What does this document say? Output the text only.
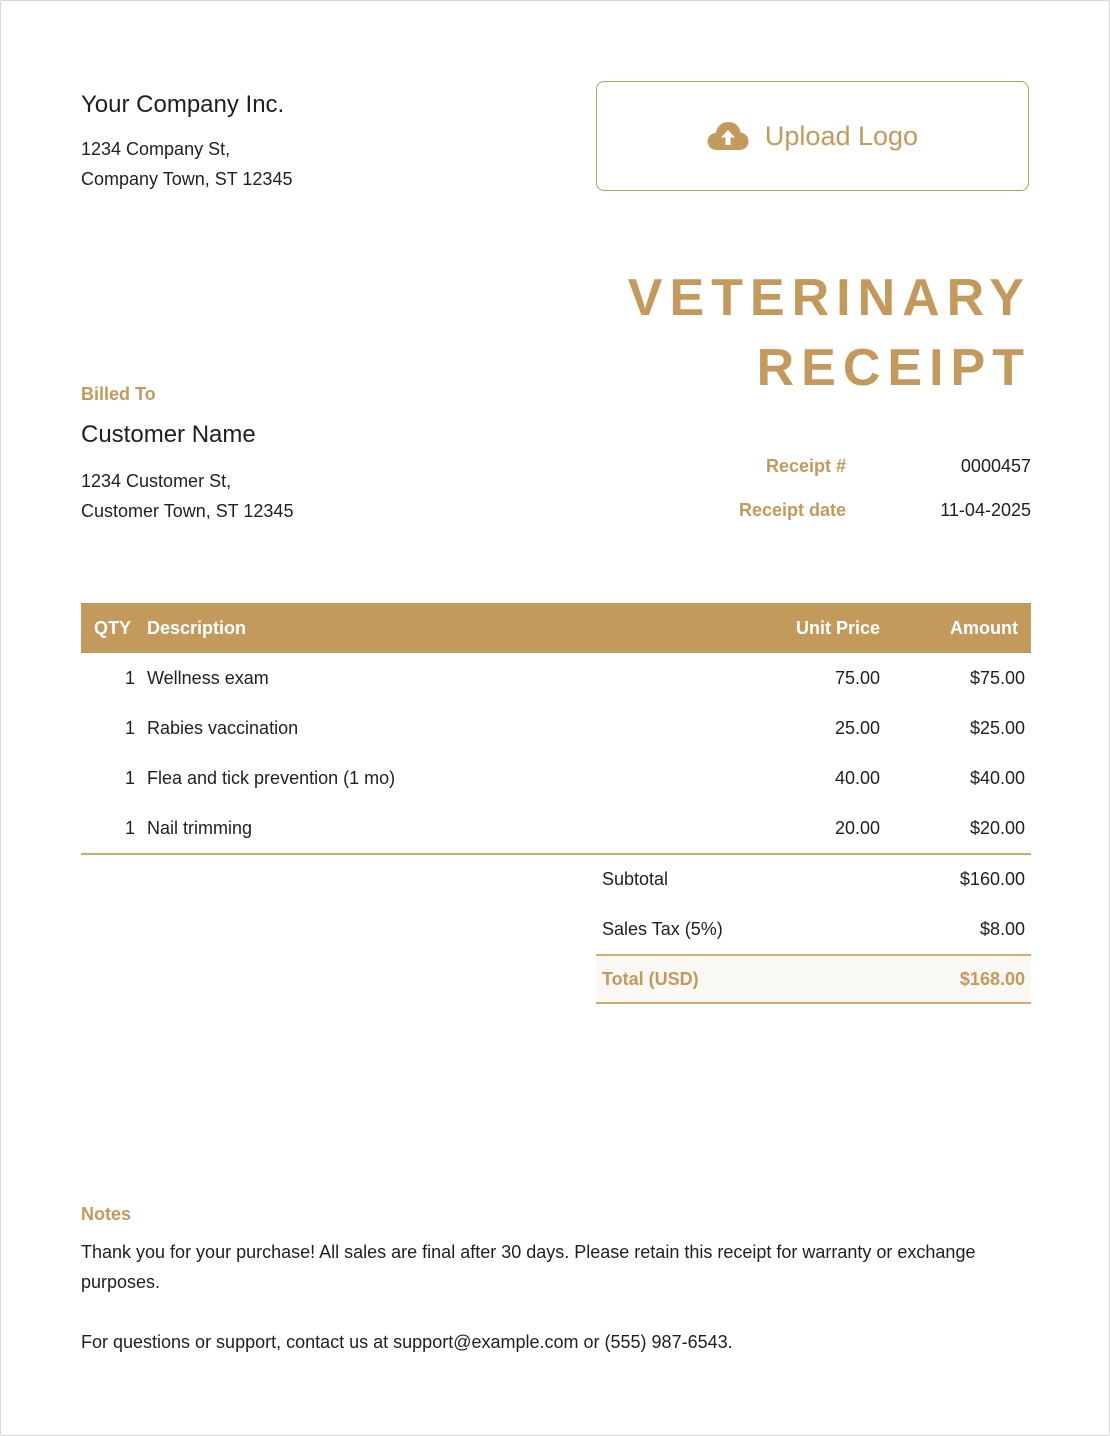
Your Company Inc.
1234 Company St,
Company Town, ST 12345
Upload Logo
VETERINARY
RECEIPT
Billed To
Customer Name
1234 Customer St,
Customer Town, ST 12345
Receipt #	0000457
Receipt date	11-04-2025
QTY Description	Unit Price	Amount
1 Wellness exam	75.00	$75.00
1 Rabies vaccination	25.00	$25.00
1 Flea and tick prevention (1 mo)	40.00	$40.00
1 Nail trimming	20.00	$20.00
Subtotal	$160.00
Sales Tax (5%)	$8.00
Total (USD)	$168.00
Notes
Thank you for your purchase! All sales are final after 30 days. Please retain this receipt for warranty or exchange purposes.
For questions or support, contact us at support@example.com or (555) 987-6543.
